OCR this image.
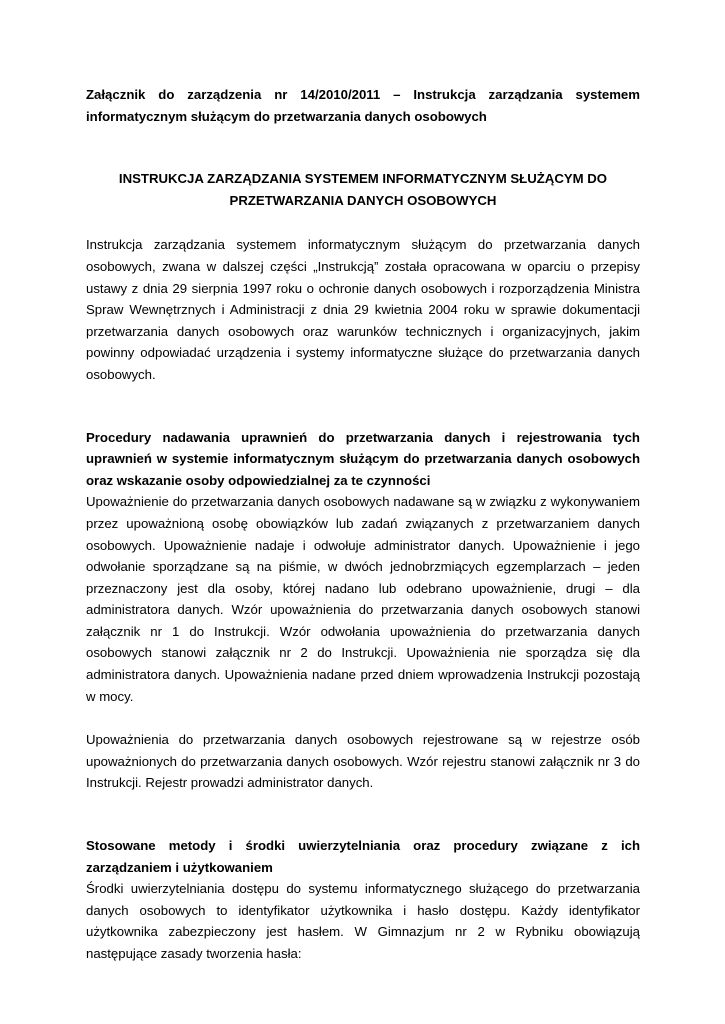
Załącznik do zarządzenia nr 14/2010/2011 – Instrukcja zarządzania systemem informatycznym służącym do przetwarzania danych osobowych

INSTRUKCJA ZARZĄDZANIA SYSTEMEM INFORMATYCZNYM SŁUŻĄCYM DO
PRZETWARZANIA DANYCH OSOBOWYCH

Instrukcja zarządzania systemem informatycznym służącym do przetwarzania danych osobowych, zwana w dalszej części „Instrukcją” została opracowana w oparciu o przepisy ustawy z dnia 29 sierpnia 1997 roku o ochronie danych osobowych i rozporządzenia Ministra Spraw Wewnętrznych i Administracji z dnia 29 kwietnia 2004 roku w sprawie dokumentacji przetwarzania danych osobowych oraz warunków technicznych i organizacyjnych, jakim powinny odpowiadać urządzenia i systemy informatyczne służące do przetwarzania danych osobowych.

Procedury nadawania uprawnień do przetwarzania danych i rejestrowania tych uprawnień w systemie informatycznym służącym do przetwarzania danych osobowych oraz wskazanie osoby odpowiedzialnej za te czynności

Upoważnienie do przetwarzania danych osobowych nadawane są w związku z wykonywaniem przez upoważnioną osobę obowiązków lub zadań związanych z przetwarzaniem danych osobowych. Upoważnienie nadaje i odwołuje administrator danych. Upoważnienie i jego odwołanie sporządzane są na piśmie, w dwóch jednobrzmiących egzemplarzach – jeden przeznaczony jest dla osoby, której nadano lub odebrano upoważnienie, drugi – dla administratora danych. Wzór upoważnienia do przetwarzania danych osobowych stanowi załącznik nr 1 do Instrukcji. Wzór odwołania upoważnienia do przetwarzania danych osobowych stanowi załącznik nr 2 do Instrukcji. Upoważnienia nie sporządza się dla administratora danych. Upoważnienia nadane przed dniem wprowadzenia Instrukcji pozostają w mocy.

Upoważnienia do przetwarzania danych osobowych rejestrowane są w rejestrze osób upoważnionych do przetwarzania danych osobowych. Wzór rejestru stanowi załącznik nr 3 do Instrukcji. Rejestr prowadzi administrator danych.

Stosowane metody i środki uwierzytelniania oraz procedury związane z ich zarządzaniem i użytkowaniem

Środki uwierzytelniania dostępu do systemu informatycznego służącego do przetwarzania danych osobowych to identyfikator użytkownika i hasło dostępu. Każdy identyfikator użytkownika zabezpieczony jest hasłem. W Gimnazjum nr 2 w Rybniku obowiązują następujące zasady tworzenia hasła:
